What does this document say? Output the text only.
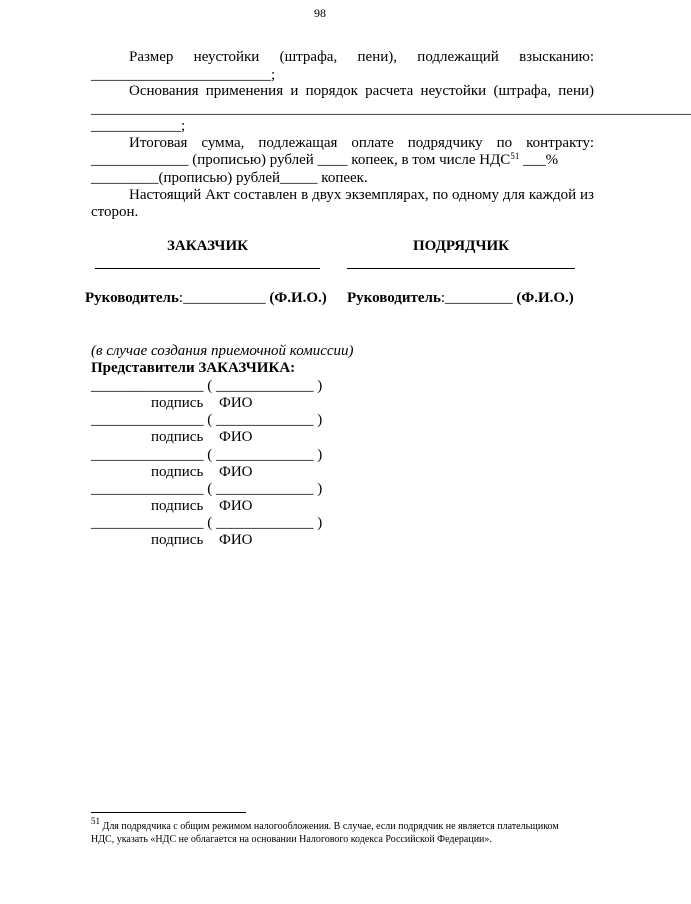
98
Размер неустойки (штрафа, пени), подлежащий взысканию:
________________________;
Основания применения и порядок расчета неустойки (штрафа, пени)
________________________________________________________________________________
____________;
Итоговая сумма, подлежащая оплате подрядчику по контракту:
_____________ (прописью) рублей ____ копеек, в том числе НДС$^{51}$ ___%
_________(прописью) рублей_____ копеек.
Настоящий Акт составлен в двух экземплярах, по одному для каждой из
сторон.
ЗАКАЗЧИК	ПОДРЯДЧИК
Руководитель:___________ (Ф.И.О.) Руководитель:_________ (Ф.И.О.)
(в случае создания приемочной комиссии)
Представители ЗАКАЗЧИКА:
_______________ ( _____________ )
подпись ФИО
_______________ ( _____________ )
подпись ФИО
_______________ ( _____________ )
подпись ФИО
_______________ ( _____________ )
подпись ФИО
_______________ ( _____________ )
подпись ФИО
$^{51}$ Для подрядчика с общим режимом налогообложения. В случае, если подрядчик не является плательщиком
НДС, указать «НДС не облагается на основании Налогового кодекса Российской Федерации».
